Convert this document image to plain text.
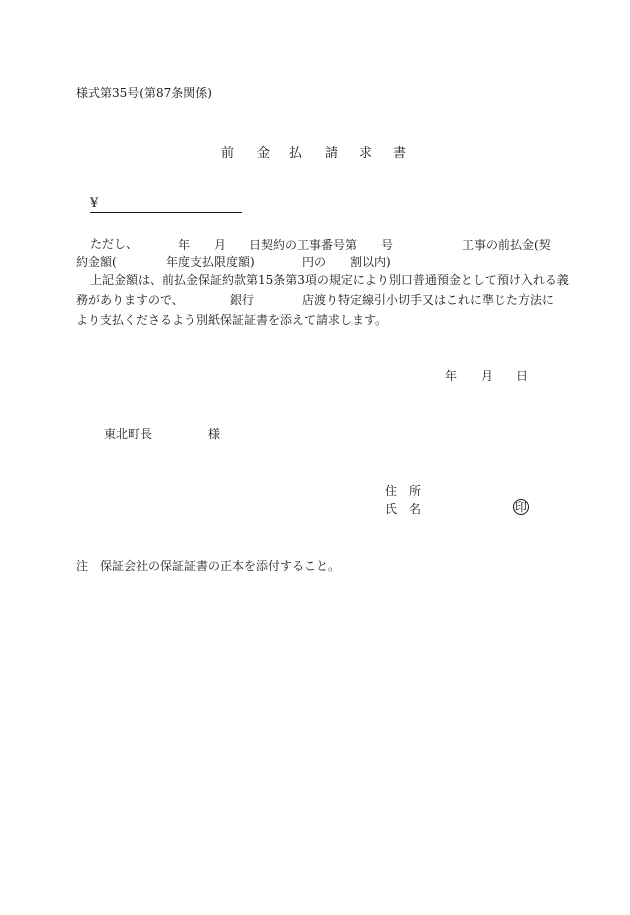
様式第35号(第87条関係)
前 金 払 請 求 書
¥
ただし、	年 月 日契約の工事番号第 号	工事の前払金(契
約金額(	年度支払限度額)	円の 割以内)
上記金額は、前払金保証約款第15条第3項の規定により別口普通預金として預け入れる義
務がありますので、	銀行	店渡り特定線引小切手又はこれに準じた方法に
より支払くださるよう別紙保証証書を添えて請求します。
年 月 日
東北町長	様
住 所
氏 名	印
注　保証会社の保証証書の正本を添付すること。
